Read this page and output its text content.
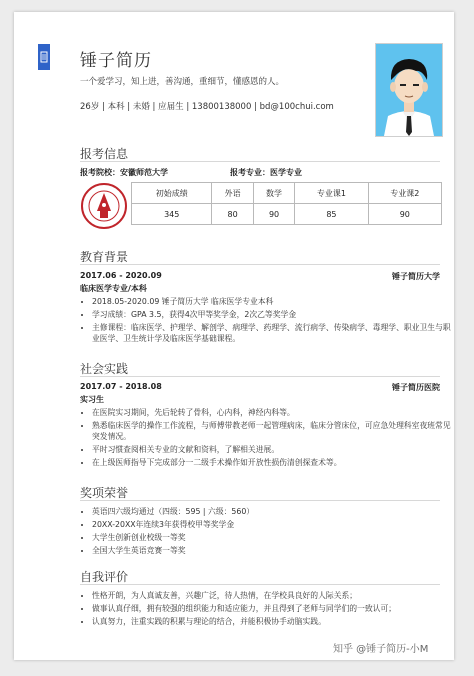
锤子简历
一个爱学习，知上进，善沟通，重细节，懂感恩的人。
26岁 | 本科 | 未婚 | 应届生 | 13800138000 | bd@100chui.com
报考信息
报考院校：安徽师范大学	报考专业：医学专业
初始成绩	外语	数学	专业课1	专业课2
345	80	90	85	90
教育背景
2017.06 - 2020.09	锤子简历大学
临床医学专业/本科
• 2018.05-2020.09 锤子简历大学 临床医学专业本科
• 学习成绩：GPA 3.5，获得4次甲等奖学金，2次乙等奖学金
• 主修课程：临床医学、护理学、解剖学、病理学、药理学、流行病学、传染病学、毒理学、职业卫生与职业医学、卫生统计学及临床医学基础课程。
社会实践
2017.07 - 2018.08	锤子简历医院
实习生
• 在医院实习期间，先后轮转了骨科，心内科，神经内科等。
• 熟悉临床医学的操作工作流程，与师傅带教老师一起管理病床，临床分管床位，可应急处理科室夜班常见突发情况。
• 平时习惯查阅相关专业的文献和资料，了解相关进展。
• 在上级医师指导下完成部分一二级手术操作如开放性损伤清创探查术等。
奖项荣誉
• 英语四六级均通过（四级：595 | 六级：560）
• 20XX-20XX年连续3年获得校甲等奖学金
• 大学生创新创业校级一等奖
• 全国大学生英语竞赛一等奖
自我评价
• 性格开朗，为人真诚友善，兴趣广泛，待人热情，在学校具良好的人际关系；
• 做事认真仔细，拥有较强的组织能力和适应能力，并且得到了老师与同学们的一致认可；
• 认真努力，注重实践的积累与理论的结合，并能积极协手动脑实践。
知乎 @锤子简历-小M
